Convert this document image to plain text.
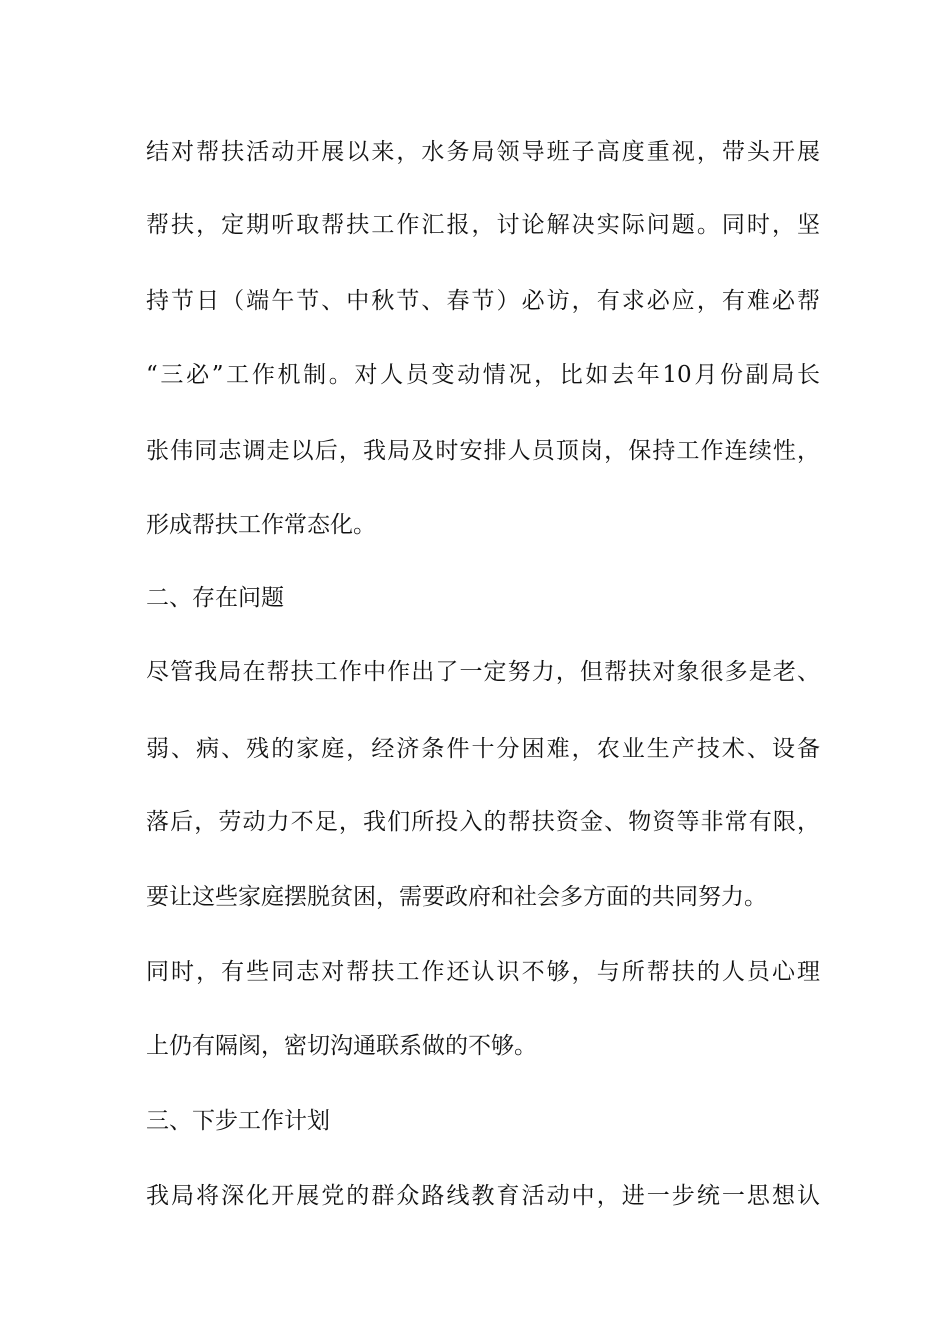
结对帮扶活动开展以来，水务局领导班子高度重视，带头开展
帮扶，定期听取帮扶工作汇报，讨论解决实际问题。同时，坚
持节日（端午节、中秋节、春节）必访，有求必应，有难必帮
“三必”工作机制。对人员变动情况，比如去年10月份副局长
张伟同志调走以后，我局及时安排人员顶岗，保持工作连续性，
形成帮扶工作常态化。
二、存在问题
尽管我局在帮扶工作中作出了一定努力，但帮扶对象很多是老、
弱、病、残的家庭，经济条件十分困难，农业生产技术、设备
落后，劳动力不足，我们所投入的帮扶资金、物资等非常有限，
要让这些家庭摆脱贫困，需要政府和社会多方面的共同努力。
同时，有些同志对帮扶工作还认识不够，与所帮扶的人员心理
上仍有隔阂，密切沟通联系做的不够。
三、下步工作计划
我局将深化开展党的群众路线教育活动中，进一步统一思想认
